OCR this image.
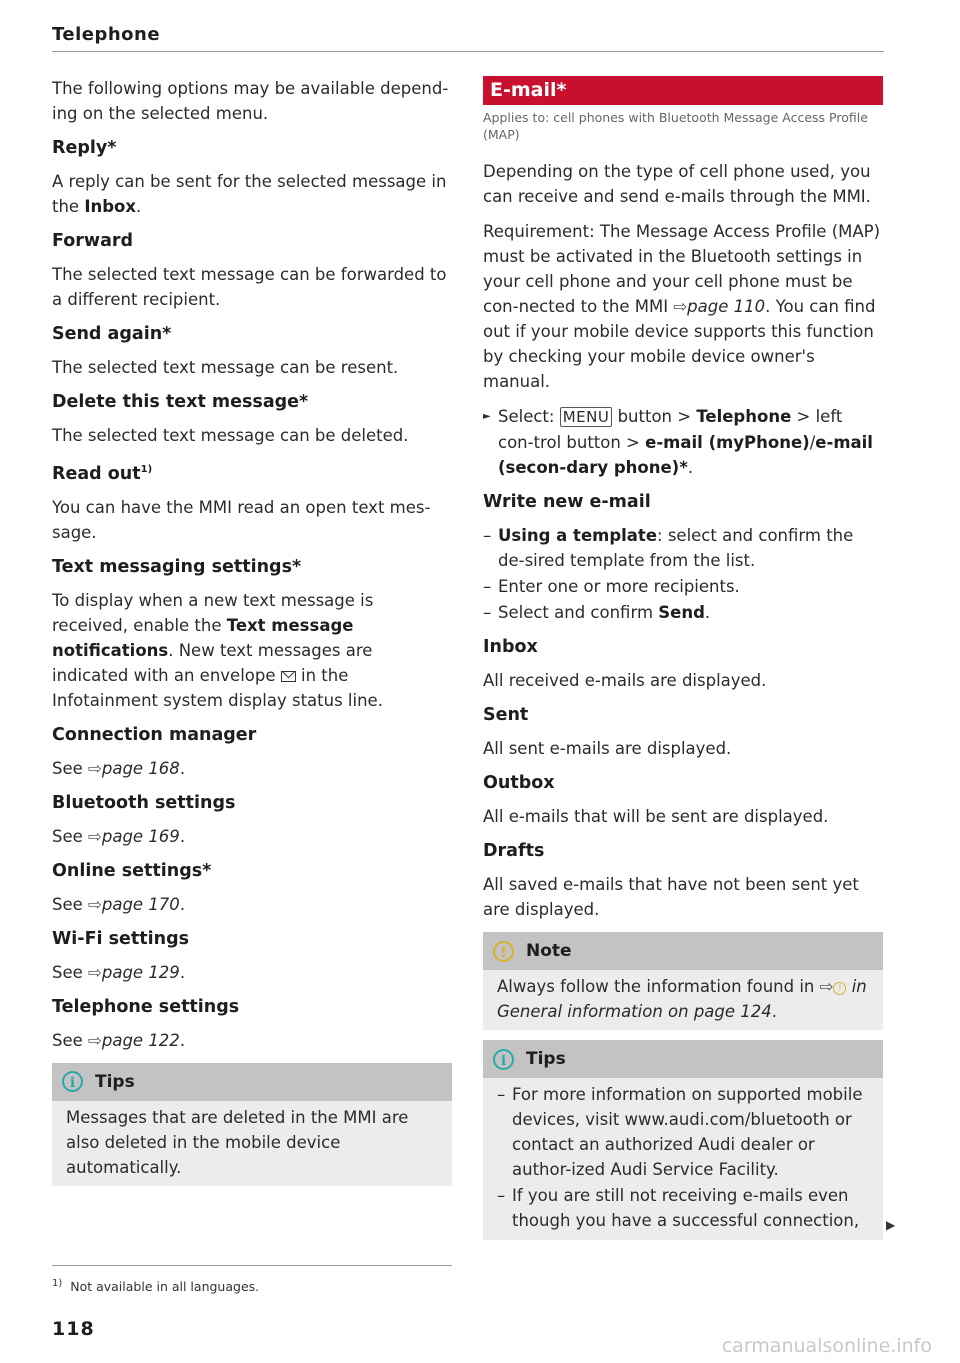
Telephone

The following options may be available depend-ing on the selected menu.

Reply*

A reply can be sent for the selected message in the Inbox.

Forward

The selected text message can be forwarded to a different recipient.

Send again*

The selected text message can be resent.

Delete this text message*

The selected text message can be deleted.

Read out$^{1)}$

You can have the MMI read an open text mes-sage.

Text messaging settings*

To display when a new text message is received, enable the Text message notifications. New text messages are indicated with an envelope  in the Infotainment system display status line.

Connection manager

See ⇨page 168.

Bluetooth settings

See ⇨page 169.

Online settings*

See ⇨page 170.

Wi-Fi settings

See ⇨page 129.

Telephone settings

See ⇨page 122.

i Tips

Messages that are deleted in the MMI are also deleted in the mobile device automatically.

E-mail*

Applies to: cell phones with Bluetooth Message Access Profile (MAP)

Depending on the type of cell phone used, you can receive and send e-mails through the MMI.

Requirement: The Message Access Profile (MAP) must be activated in the Bluetooth settings in your cell phone and your cell phone must be con-nected to the MMI ⇨page 110. You can find out if your mobile device supports this function by checking your mobile device owner's manual.

► Select: MENU button > Telephone > left con-trol button > e-mail (myPhone)/e-mail (secon-dary phone)*.

Write new e-mail
– Using a template: select and confirm the de-sired template from the list.
– Enter one or more recipients.
– Select and confirm Send.
Inbox

All received e-mails are displayed.

Sent

All sent e-mails are displayed.

Outbox

All e-mails that will be sent are displayed.

Drafts

All saved e-mails that have not been sent yet are displayed.

! Note

Always follow the information found in ⇨ ! in General information on page 124.

i Tips
– For more information on supported mobile devices, visit www.audi.com/bluetooth or contact an authorized Audi dealer or author-ized Audi Service Facility.
– If you are still not receiving e-mails even though you have a successful connection,	▶
$^{1)}$ Not available in all languages.
118
carmanualsonline.info
